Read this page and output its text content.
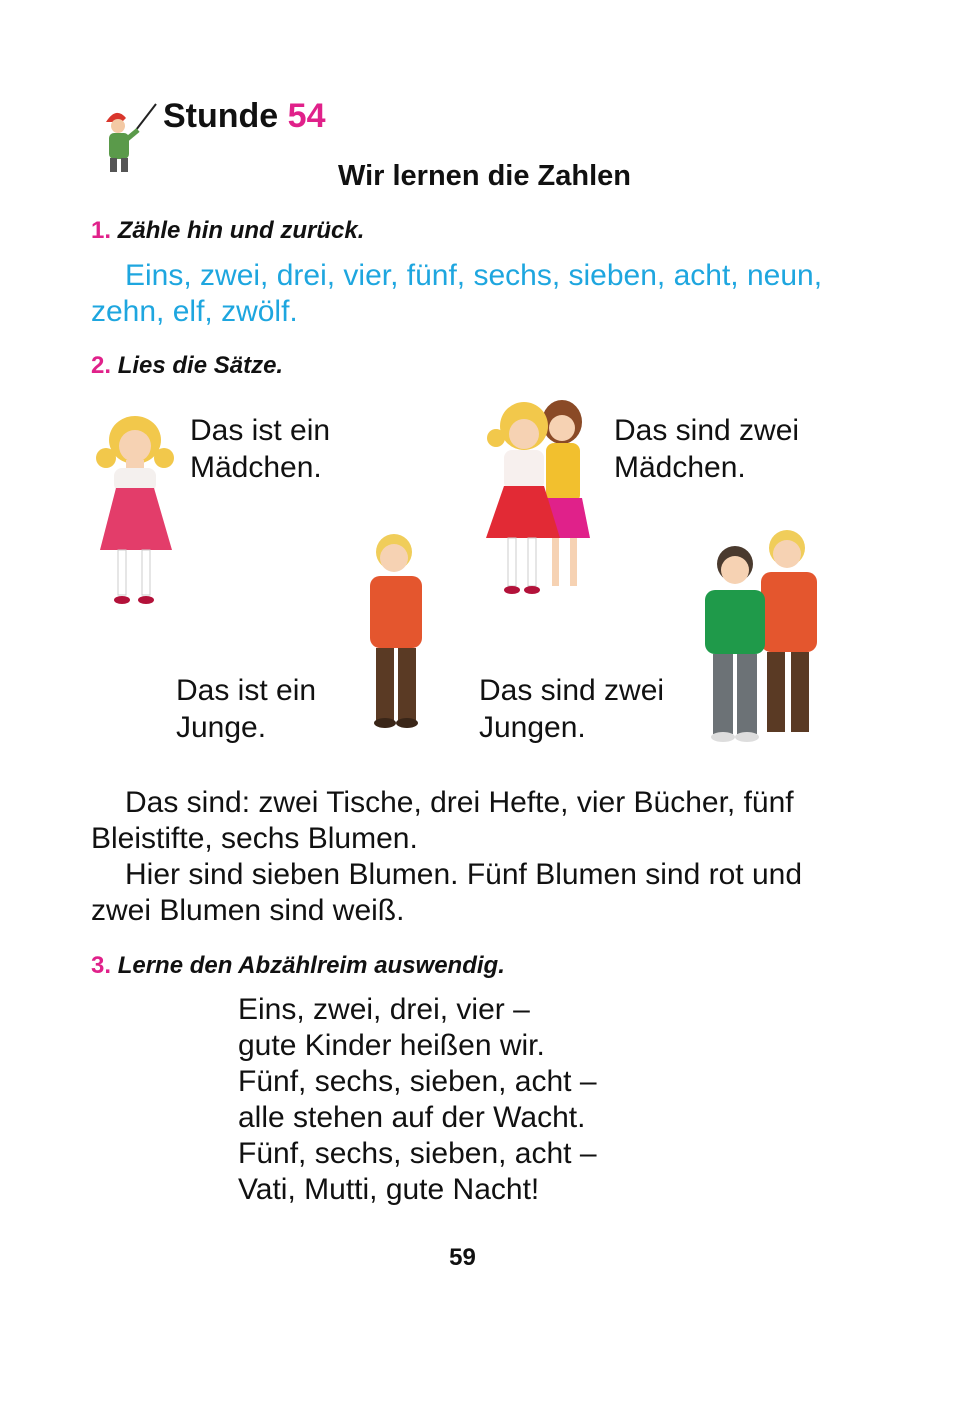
Stunde 54
Wir lernen die Zahlen
1. Zähle hin und zurück.
Eins, zwei, drei, vier, fünf, sechs, sieben, acht, neun, zehn, elf, zwölf.
2. Lies die Sätze.
Das ist ein
Mädchen.
Das sind zwei
Mädchen.
Das ist ein
Junge.
Das sind zwei
Jungen.
Das sind: zwei Tische, drei Hefte, vier Bücher, fünf Bleistifte, sechs Blumen.
Hier sind sieben Blumen. Fünf Blumen sind rot und zwei Blumen sind weiß.
3. Lerne den Abzählreim auswendig.
Eins, zwei, drei, vier –
gute Kinder heißen wir.
Fünf, sechs, sieben, acht –
alle stehen auf der Wacht.
Fünf, sechs, sieben, acht –
Vati, Mutti, gute Nacht!
59
